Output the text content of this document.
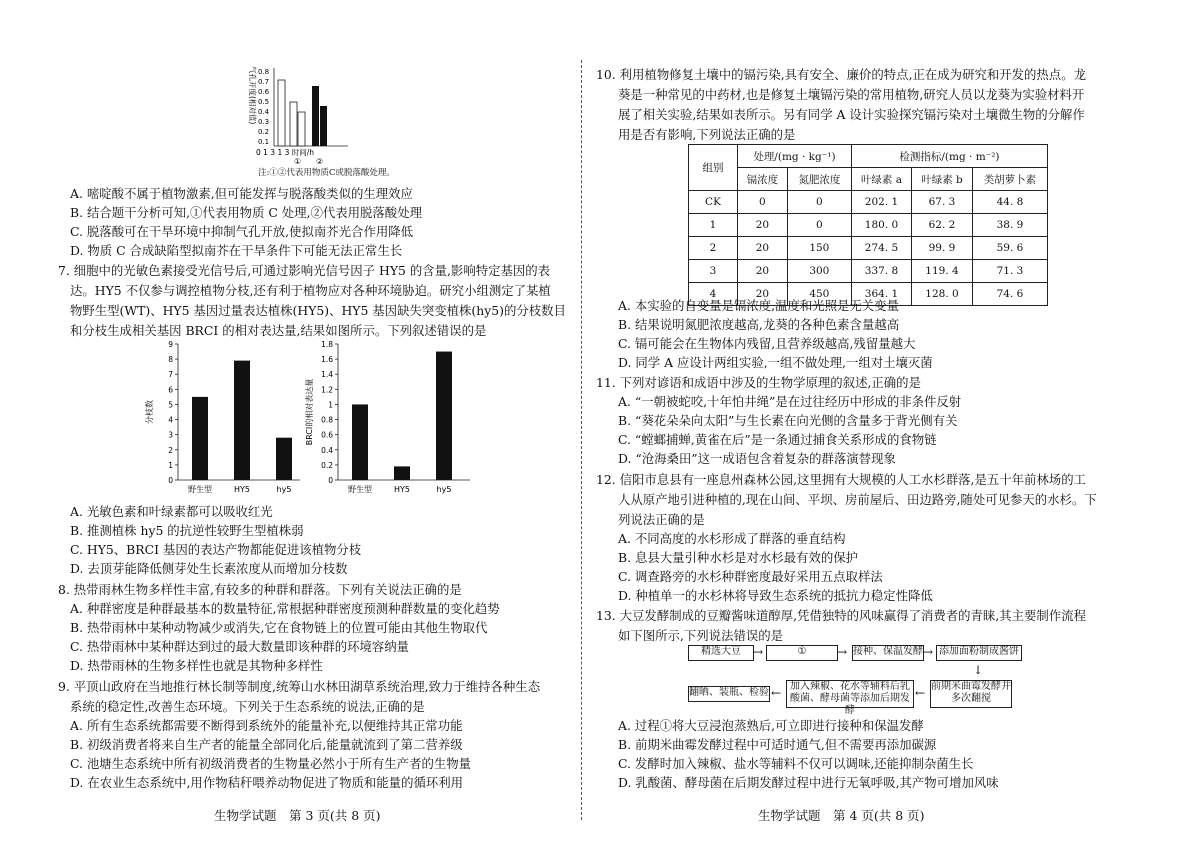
气孔开度(相对值) 0.8
0.7
0.6
0.5
0.4
0.3
0.2
0.1
0 1 3 1 3 时间/h
① ②
注:①②代表用物质C或脱落酸处理。
A. 嘧啶酸不属于植物激素,但可能发挥与脱落酸类似的生理效应
B. 结合题干分析可知,①代表用物质 C 处理,②代表用脱落酸处理
C. 脱落酸可在干旱环境中抑制气孔开放,使拟南芥光合作用降低
D. 物质 C 合成缺陷型拟南芥在干旱条件下可能无法正常生长
7. 细胞中的光敏色素接受光信号后,可通过影响光信号因子 HY5 的含量,影响特定基因的表
达。HY5 不仅参与调控植物分枝,还有利于植物应对各种环境胁迫。研究小组测定了某植
物野生型(WT)、HY5 基因过量表达植株(HY5)、HY5 基因缺失突变植株(hy5)的分枝数目
和分枝生成相关基因 BRCI 的相对表达量,结果如图所示。下列叙述错误的是
9
8
7
6
5
4
3
2
1
0
分枝数
野生型	HY5	hy5
1.8
1.6
1.4
1.2
1
0.8
0.6
0.4
0.2
0
BRCI的相对表达量
野生型	HY5	hy5
A. 光敏色素和叶绿素都可以吸收红光
B. 推测植株 hy5 的抗逆性较野生型植株弱
C. HY5、BRCI 基因的表达产物都能促进该植物分枝
D. 去顶芽能降低侧芽处生长素浓度从而增加分枝数
8. 热带雨林生物多样性丰富,有较多的种群和群落。下列有关说法正确的是
A. 种群密度是种群最基本的数量特征,常根据种群密度预测种群数量的变化趋势
B. 热带雨林中某种动物减少或消失,它在食物链上的位置可能由其他生物取代
C. 热带雨林中某种群达到过的最大数量即该种群的环境容纳量
D. 热带雨林的生物多样性也就是其物种多样性
9. 平顶山政府在当地推行林长制等制度,统筹山水林田湖草系统治理,致力于维持各种生态
系统的稳定性,改善生态环境。下列关于生态系统的说法,正确的是
A. 所有生态系统都需要不断得到系统外的能量补充,以便维持其正常功能
B. 初级消费者将来自生产者的能量全部同化后,能量就流到了第二营养级
C. 池塘生态系统中所有初级消费者的生物量必然小于所有生产者的生物量
D. 在农业生态系统中,用作物秸秆喂养动物促进了物质和能量的循环利用
生物学试题　第 3 页(共 8 页)
10. 利用植物修复土壤中的镉污染,具有安全、廉价的特点,正在成为研究和开发的热点。龙
葵是一种常见的中药材,也是修复土壤镉污染的常用植物,研究人员以龙葵为实验材料开
展了相关实验,结果如表所示。另有同学 A 设计实验探究镉污染对土壤微生物的分解作
用是否有影响,下列说法正确的是
组别	处理/(mg · kg⁻¹)		检测指标/(mg · m⁻²)		
	镉浓度	氮肥浓度	叶绿素 a	叶绿素 b	类胡萝卜素
CK	0	0	202. 1	67. 3	44. 8
1	20	0	180. 0	62. 2	38. 9
2	20	150	274. 5	99. 9	59. 6
3	20	300	337. 8	119. 4	71. 3
4	20	450	364. 1	128. 0	74. 6
A. 本实验的自变量是镉浓度,温度和光照是无关变量
B. 结果说明氮肥浓度越高,龙葵的各种色素含量越高
C. 镉可能会在生物体内残留,且营养级越高,残留量越大
D. 同学 A 应设计两组实验,一组不做处理,一组对土壤灭菌
11. 下列对谚语和成语中涉及的生物学原理的叙述,正确的是
A. “一朝被蛇咬,十年怕井绳”是在过往经历中形成的非条件反射
B. “葵花朵朵向太阳”与生长素在向光侧的含量多于背光侧有关
C. “螳螂捕蝉,黄雀在后”是一条通过捕食关系形成的食物链
D. “沧海桑田”这一成语包含着复杂的群落演替现象
12. 信阳市息县有一座息州森林公园,这里拥有大规模的人工水杉群落,是五十年前林场的工
人从原产地引进种植的,现在山间、平坝、房前屋后、田边路旁,随处可见参天的水杉。下
列说法正确的是
A. 不同高度的水杉形成了群落的垂直结构
B. 息县大量引种水杉是对水杉最有效的保护
C. 调查路旁的水杉种群密度最好采用五点取样法
D. 种植单一的水杉林将导致生态系统的抵抗力稳定性降低
13. 大豆发酵制成的豆瓣酱味道醇厚,凭借独特的风味赢得了消费者的青睐,其主要制作流程
如下图所示,下列说法错误的是
精选大豆	→	①	→ 接种、保温发酵 → 添加面粉制成酱饼
↓
前期米曲霉发酵并多次翻搅
←
加入辣椒、花水等辅料后乳酸菌、酵母菌等添加后期发酵
←
翻晒、装瓶、检验
A. 过程①将大豆浸泡蒸熟后,可立即进行接种和保温发酵
B. 前期米曲霉发酵过程中可适时通气,但不需要再添加碳源
C. 发酵时加入辣椒、盐水等辅料不仅可以调味,还能抑制杂菌生长
D. 乳酸菌、酵母菌在后期发酵过程中进行无氧呼吸,其产物可增加风味
生物学试题　第 4 页(共 8 页)
